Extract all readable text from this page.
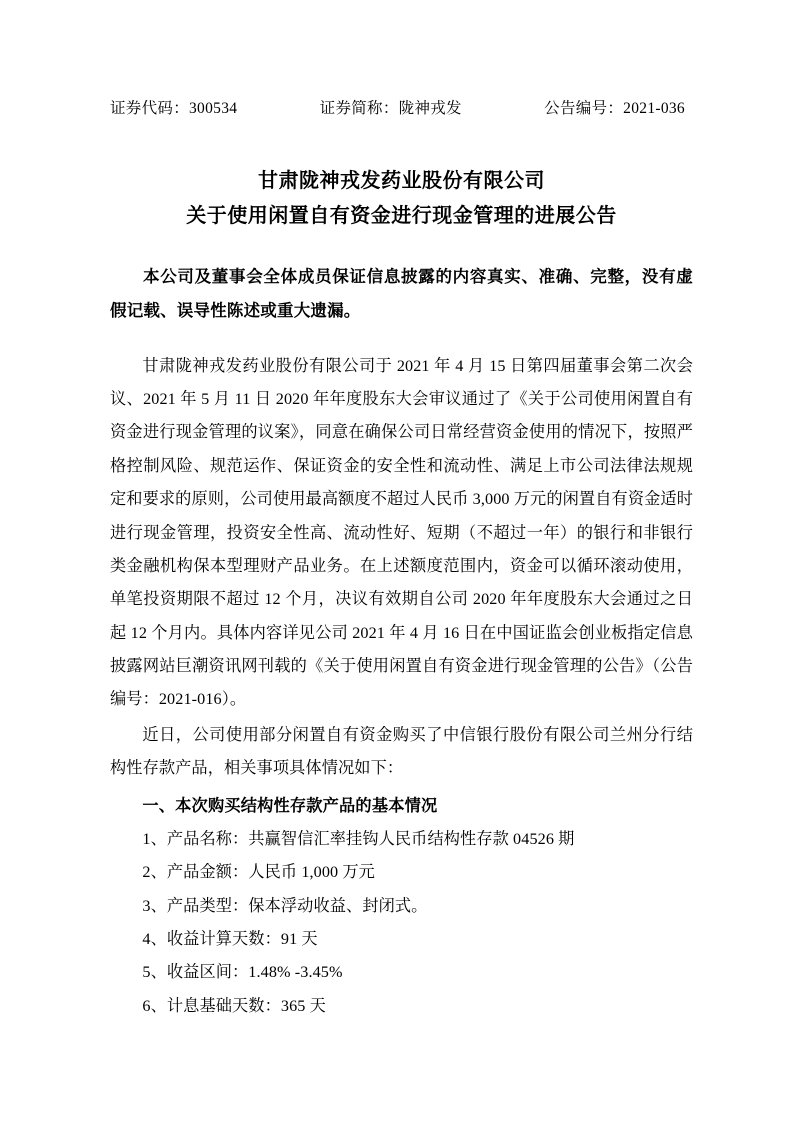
证券代码：300534	证券简称：陇神戎发	公告编号：2021-036
甘肃陇神戎发药业股份有限公司
关于使用闲置自有资金进行现金管理的进展公告
本公司及董事会全体成员保证信息披露的内容真实、准确、完整，没有虚假记载、误导性陈述或重大遗漏。

甘肃陇神戎发药业股份有限公司于 2021 年 4 月 15 日第四届董事会第二次会议、2021 年 5 月 11 日 2020 年年度股东大会审议通过了《关于公司使用闲置自有资金进行现金管理的议案》，同意在确保公司日常经营资金使用的情况下，按照严格控制风险、规范运作、保证资金的安全性和流动性、满足上市公司法律法规规定和要求的原则，公司使用最高额度不超过人民币 3,000 万元的闲置自有资金适时进行现金管理，投资安全性高、流动性好、短期（不超过一年）的银行和非银行类金融机构保本型理财产品业务。在上述额度范围内，资金可以循环滚动使用，单笔投资期限不超过 12 个月，决议有效期自公司 2020 年年度股东大会通过之日起 12 个月内。具体内容详见公司 2021 年 4 月 16 日在中国证监会创业板指定信息披露网站巨潮资讯网刊载的《关于使用闲置自有资金进行现金管理的公告》（公告编号：2021-016）。

近日，公司使用部分闲置自有资金购买了中信银行股份有限公司兰州分行结构性存款产品，相关事项具体情况如下：

一、本次购买结构性存款产品的基本情况

1、产品名称：共赢智信汇率挂钩人民币结构性存款 04526 期

2、产品金额：人民币 1,000 万元

3、产品类型：保本浮动收益、封闭式。

4、收益计算天数：91 天

5、收益区间：1.48% -3.45%

6、计息基础天数：365 天
